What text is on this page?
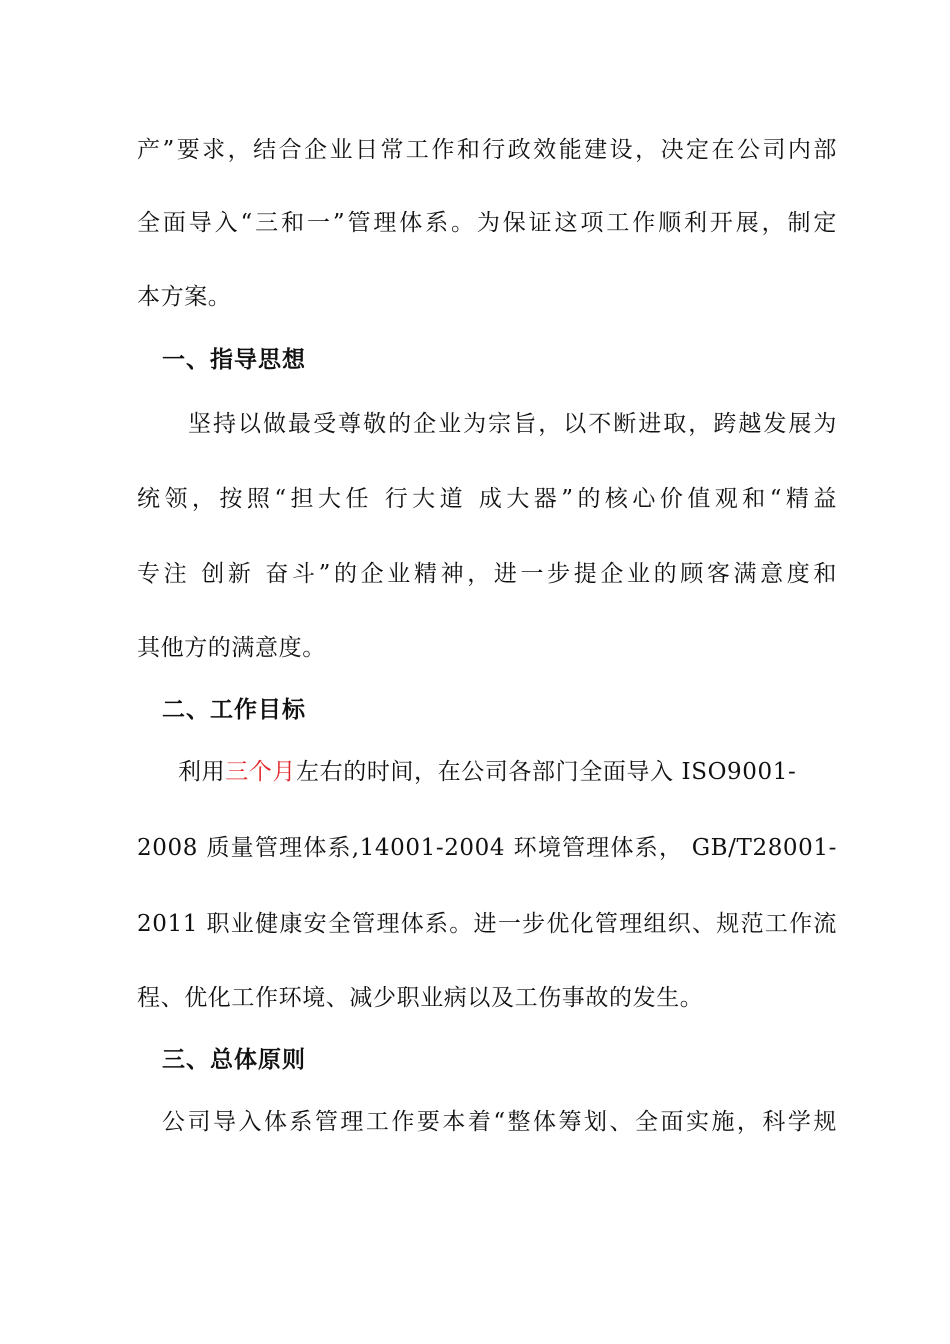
产”要求，结合企业日常工作和行政效能建设，决定在公司内部
全面导入“三和一”管理体系。为保证这项工作顺利开展，制定
本方案。
一、指导思想
坚持以做最受尊敬的企业为宗旨，以不断进取，跨越发展为
统领，按照“担大任 行大道 成大器”的核心价值观和“精益
专注 创新 奋斗”的企业精神，进一步提企业的顾客满意度和
其他方的满意度。
二、工作目标
利用三个月左右的时间，在公司各部门全面导入 ISO9001-
2008 质量管理体系,14001-2004 环境管理体系， GB/T28001-
2011 职业健康安全管理体系。进一步优化管理组织、规范工作流
程、优化工作环境、减少职业病以及工伤事故的发生。
三、总体原则
公司导入体系管理工作要本着“整体筹划、全面实施，科学规
